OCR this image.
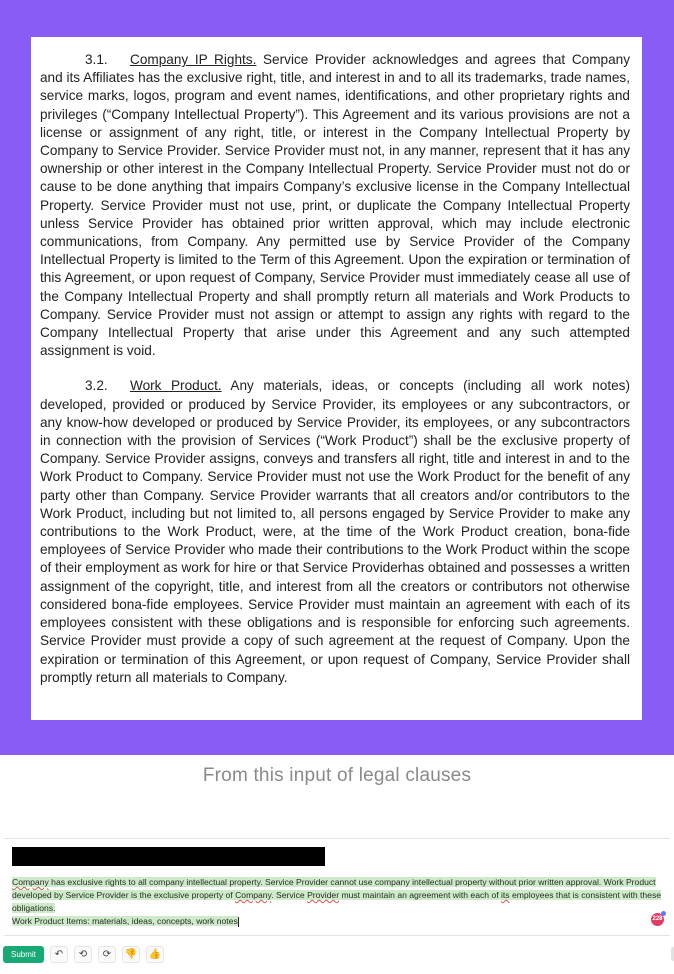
3.1. Company IP Rights. Service Provider acknowledges and agrees that Company and its Affiliates has the exclusive right, title, and interest in and to all its trademarks, trade names, service marks, logos, program and event names, identifications, and other proprietary rights and privileges (“Company Intellectual Property”). This Agreement and its various provisions are not a license or assignment of any right, title, or interest in the Company Intellectual Property by Company to Service Provider. Service Provider must not, in any manner, represent that it has any ownership or other interest in the Company Intellectual Property. Service Provider must not do or cause to be done anything that impairs Company’s exclusive license in the Company Intellectual Property. Service Provider must not use, print, or duplicate the Company Intellectual Property unless Service Provider has obtained prior written approval, which may include electronic communications, from Company. Any permitted use by Service Provider of the Company Intellectual Property is limited to the Term of this Agreement. Upon the expiration or termination of this Agreement, or upon request of Company, Service Provider must immediately cease all use of the Company Intellectual Property and shall promptly return all materials and Work Products to Company. Service Provider must not assign or attempt to assign any rights with regard to the Company Intellectual Property that arise under this Agreement and any such attempted assignment is void.

3.2. Work Product. Any materials, ideas, or concepts (including all work notes) developed, provided or produced by Service Provider, its employees or any subcontractors, or any know-how developed or produced by Service Provider, its employees, or any subcontractors in connection with the provision of Services (“Work Product”) shall be the exclusive property of Company. Service Provider assigns, conveys and transfers all right, title and interest in and to the Work Product to Company. Service Provider must not use the Work Product for the benefit of any party other than Company. Service Provider warrants that all creators and/or contributors to the Work Product, including but not limited to, all persons engaged by Service Provider to make any contributions to the Work Product, were, at the time of the Work Product creation, bona-fide employees of Service Provider who made their contributions to the Work Product within the scope of their employment as work for hire or that Service Providerhas obtained and possesses a written assignment of the copyright, title, and interest from all the creators or contributors not otherwise considered bona-fide employees. Service Provider must maintain an agreement with each of its employees consistent with these obligations and is responsible for enforcing such agreements. Service Provider must provide a copy of such agreement at the request of Company. Upon the expiration or termination of this Agreement, or upon request of Company, Service Provider shall promptly return all materials to Company.

From this input of legal clauses
Company has exclusive rights to all company intellectual property. Service Provider cannot use company intellectual property without prior written approval. Work Product developed by Service Provider is the exclusive property of Company. Service Provider must maintain an agreement with each of its employees that is consistent with these obligations.
Work Product Items: materials, ideas, concepts, work notes	228
Submit	↶	⟲	⟳	👎 👍
